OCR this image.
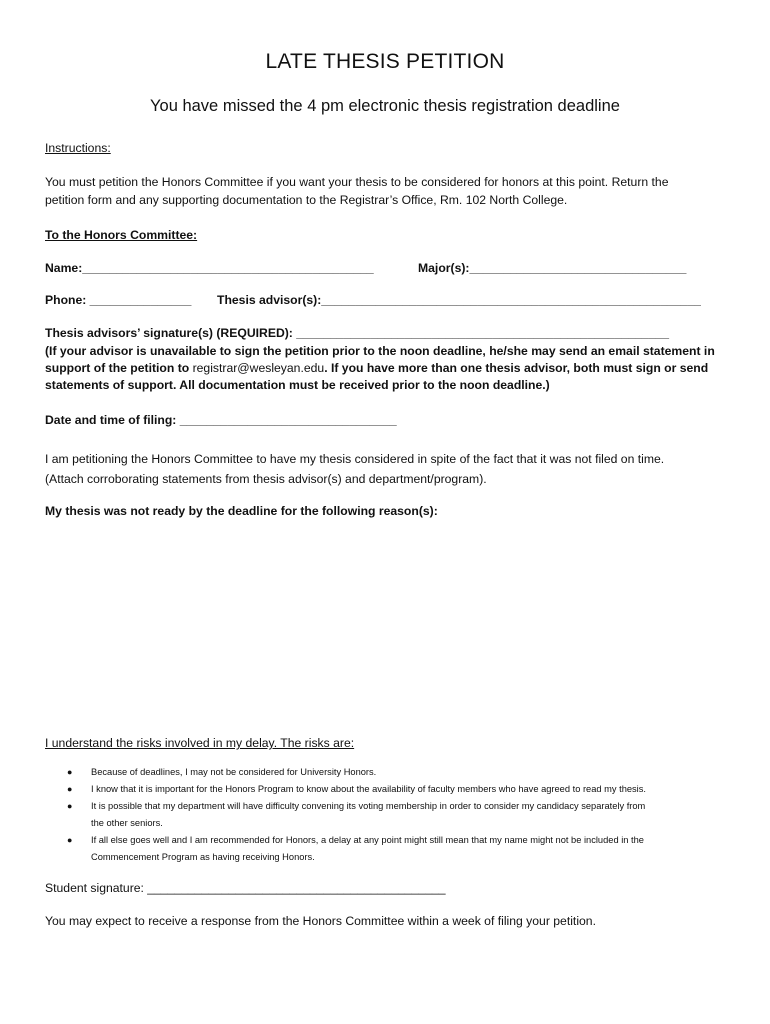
LATE THESIS PETITION
You have missed the 4 pm electronic thesis registration deadline
Instructions:
You must petition the Honors Committee if you want your thesis to be considered for honors at this point. Return the
petition form and any supporting documentation to the Registrar’s Office, Rm. 102 North College.
To the Honors Committee:
Name:___________________________________________	Major(s):________________________________
Phone: _______________ Thesis advisor(s):________________________________________________________
Thesis advisors’ signature(s) (REQUIRED): _______________________________________________________
(If your advisor is unavailable to sign the petition prior to the noon deadline, he/she may send an email statement in
support of the petition to registrar@wesleyan.edu. If you have more than one thesis advisor, both must sign or send
statements of support. All documentation must be received prior to the noon deadline.)
Date and time of filing: ________________________________
I am petitioning the Honors Committee to have my thesis considered in spite of the fact that it was not filed on time.
(Attach corroborating statements from thesis advisor(s) and department/program).
My thesis was not ready by the deadline for the following reason(s):
I understand the risks involved in my delay. The risks are:
● Because of deadlines, I may not be considered for University Honors.
● I know that it is important for the Honors Program to know about the availability of faculty members who have agreed to read my thesis.
● It is possible that my department will have difficulty convening its voting membership in order to consider my candidacy separately from
the other seniors.
● If all else goes well and I am recommended for Honors, a delay at any point might still mean that my name might not be included in the
Commencement Program as having receiving Honors.
Student signature: ____________________________________________
You may expect to receive a response from the Honors Committee within a week of filing your petition.
